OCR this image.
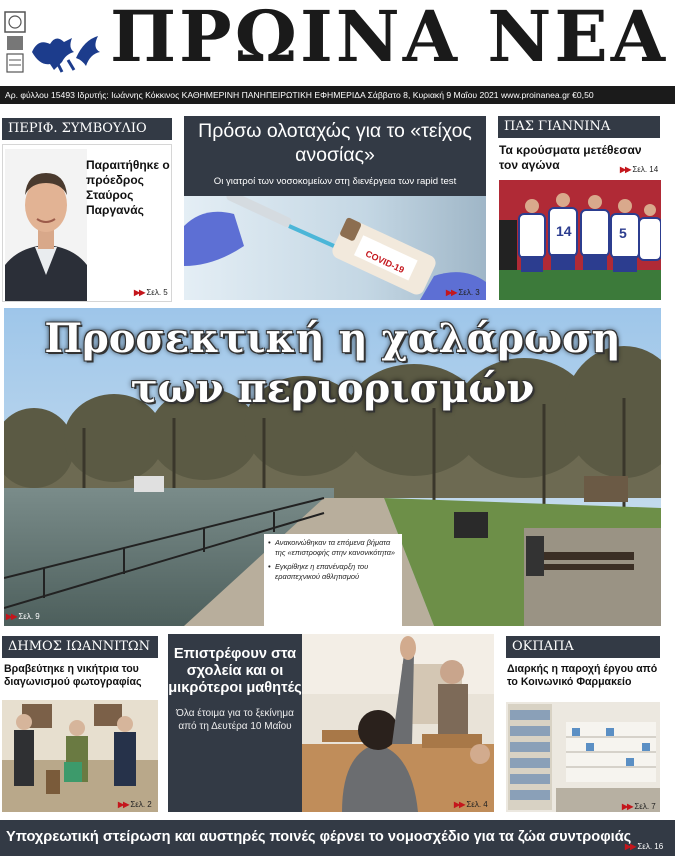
ΠΡΩΙΝΑ ΝΕΑ
Αρ. φύλλου 15493 Ιδρυτής: Ιωάννης Κόκκινος ΚΑΘΗΜΕΡΙΝΗ ΠΑΝΗΠΕΙΡΩΤΙΚΗ ΕΦΗΜΕΡΙΔΑ Σάββατο 8, Κυριακή 9 Μαΐου 2021 www.proinanea.gr €0,50
ΠΕΡΙΦ. ΣΥΜΒΟΥΛΙΟ
Παραιτήθηκε ο πρόεδρος Σταύρος Παργανάς
▶▶ Σελ. 5
Πρόσω ολοταχώς για το «τείχος ανοσίας»
Οι γιατροί των νοσοκομείων στη διενέργεια των rapid test
COVID-19
▶▶ Σελ. 3
ΠΑΣ ΓΙΑΝΝΙΝΑ
Τα κρούσματα μετέθεσαν τον αγώνα	▶▶ Σελ. 14
14	5
Προσεκτική η χαλάρωση
των περιορισμών
• Ανακοινώθηκαν τα επόμενα βήματα της «επιστροφής στην κανονικότητα»
• Εγκρίθηκε η επανέναρξη του ερασιτεχνικού αθλητισμού
▶▶ Σελ. 9
ΔΗΜΟΣ ΙΩΑΝΝΙΤΩΝ
Βραβεύτηκε η νικήτρια του διαγωνισμού φωτογραφίας
▶▶ Σελ. 2
Επιστρέφουν στα σχολεία και οι μικρότεροι μαθητές
Όλα έτοιμα για το ξεκίνημα από τη Δευτέρα 10 Μαΐου
▶▶ Σελ. 4
ΟΚΠΑΠΑ
Διαρκής η παροχή έργου από το Κοινωνικό Φαρμακείο
▶▶ Σελ. 7
Υποχρεωτική στείρωση και αυστηρές ποινές φέρνει το νομοσχέδιο για τα ζώα συντροφιάς
▶▶ Σελ. 16
